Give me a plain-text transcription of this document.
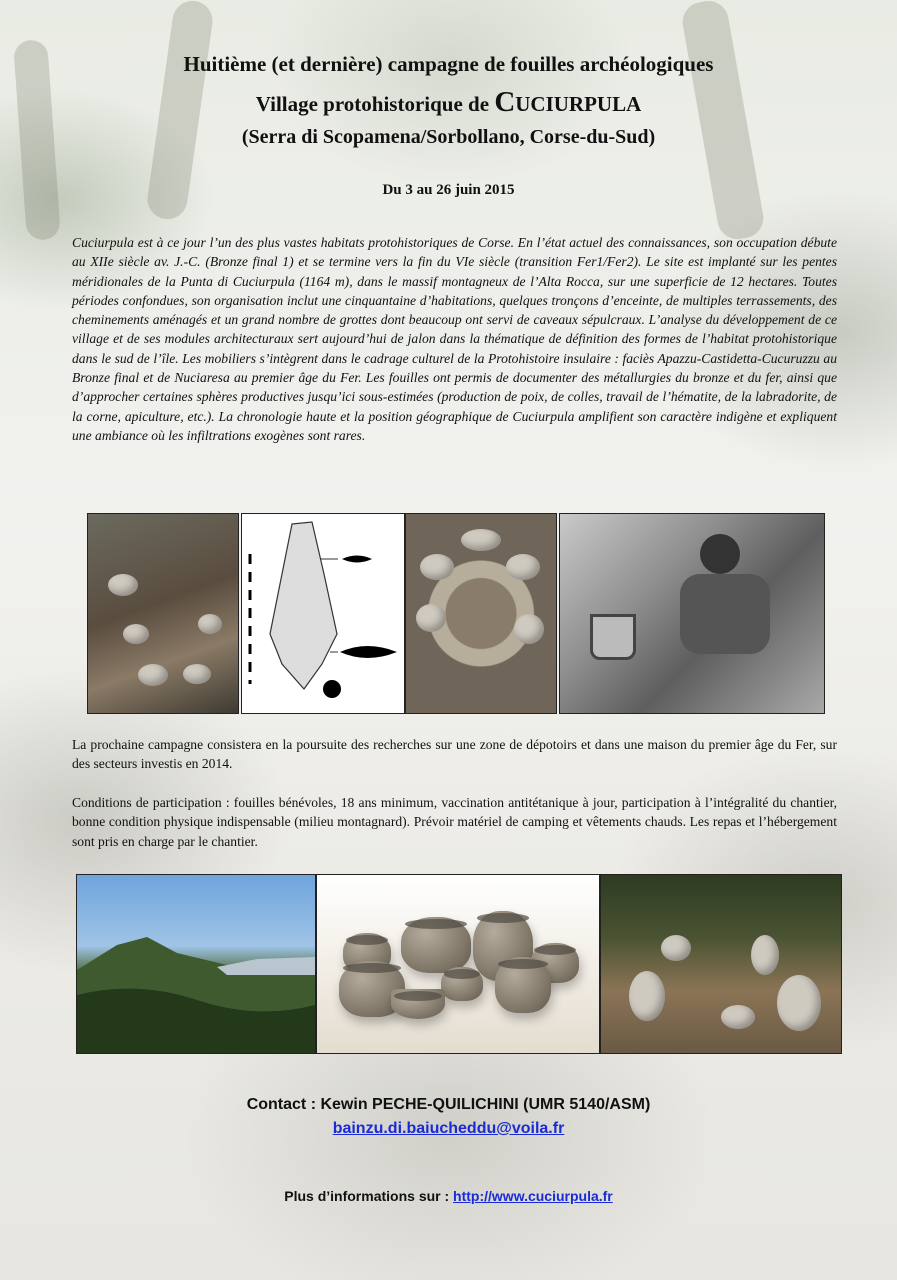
Huitième (et dernière) campagne de fouilles archéologiques
Village protohistorique de CUCIURPULA
(Serra di Scopamena/Sorbollano, Corse-du-Sud)
Du 3 au 26 juin 2015
Cuciurpula est à ce jour l’un des plus vastes habitats protohistoriques de Corse. En l’état actuel des connaissances, son occupation débute au XIIe siècle av. J.-C. (Bronze final 1) et se termine vers la fin du VIe siècle (transition Fer1/Fer2). Le site est implanté sur les pentes méridionales de la Punta di Cuciurpula (1164 m), dans le massif montagneux de l’Alta Rocca, sur une superficie de 12 hectares. Toutes périodes confondues, son organisation inclut une cinquantaine d’habitations, quelques tronçons d’enceinte, de multiples terrassements, des cheminements aménagés et un grand nombre de grottes dont beaucoup ont servi de caveaux sépulcraux. L’analyse du développement de ce village et de ses modules architecturaux sert aujourd’hui de jalon dans la thématique de définition des formes de l’habitat protohistorique dans le sud de l’île. Les mobiliers s’intègrent dans le cadrage culturel de la Protohistoire insulaire : faciès Apazzu-Castidetta-Cucuruzzu au Bronze final et de Nuciaresa au premier âge du Fer. Les fouilles ont permis de documenter des métallurgies du bronze et du fer, ainsi que d’approcher certaines sphères productives jusqu’ici sous-estimées (production de poix, de colles, travail de l’hématite, de la labradorite, de la corne, apiculture, etc.). La chronologie haute et la position géographique de Cuciurpula amplifient son caractère indigène et expliquent une ambiance où les infiltrations exogènes sont rares.
La prochaine campagne consistera en la poursuite des recherches sur une zone de dépotoirs et dans une maison du premier âge du Fer, sur des secteurs investis en 2014.
Conditions de participation : fouilles bénévoles, 18 ans minimum, vaccination antitétanique à jour, participation à l’intégralité du chantier, bonne condition physique indispensable (milieu montagnard). Prévoir matériel de camping et vêtements chauds. Les repas et l’hébergement sont pris en charge par le chantier.
Contact : Kewin PECHE-QUILICHINI (UMR 5140/ASM)
bainzu.di.baiucheddu@voila.fr
Plus d’informations sur : http://www.cuciurpula.fr
